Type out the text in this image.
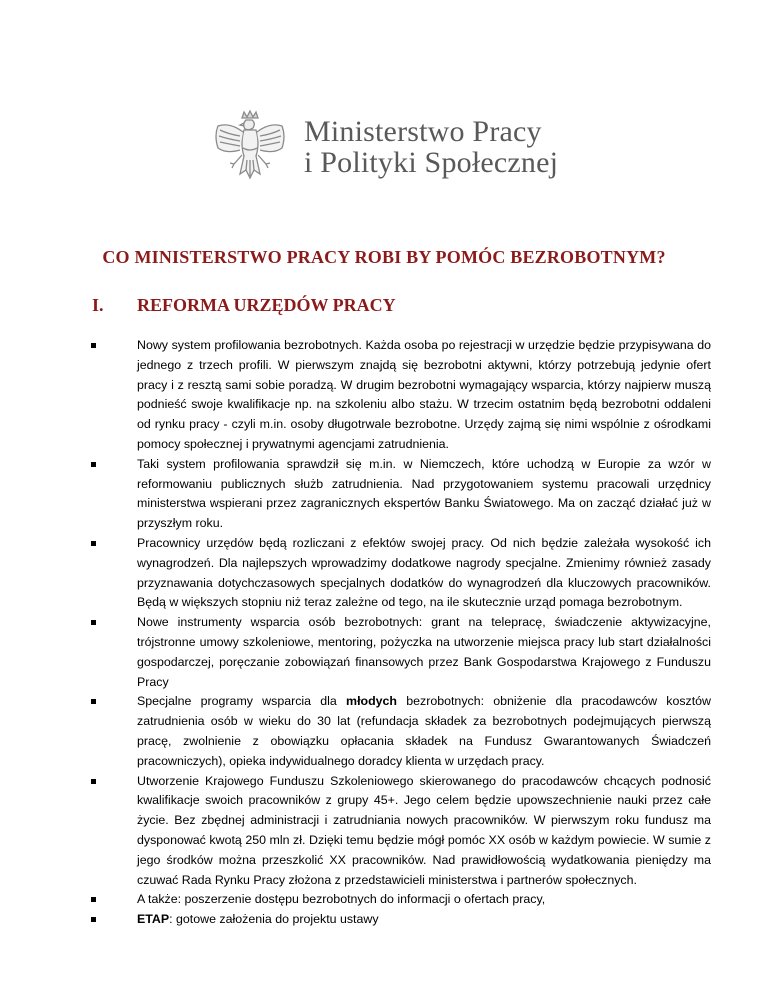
Ministerstwo Pracy
i Polityki Społecznej
CO MINISTERSTWO PRACY ROBI BY POMÓC BEZROBOTNYM?
I. REFORMA URZĘDÓW PRACY
Nowy system profilowania bezrobotnych. Każda osoba po rejestracji w urzędzie będzie przypisywana do jednego z trzech profili. W pierwszym znajdą się bezrobotni aktywni, którzy potrzebują jedynie ofert pracy i z resztą sami sobie poradzą. W drugim bezrobotni wymagający wsparcia, którzy najpierw muszą podnieść swoje kwalifikacje np. na szkoleniu albo stażu. W trzecim ostatnim będą bezrobotni oddaleni od rynku pracy - czyli m.in. osoby długotrwale bezrobotne. Urzędy zajmą się nimi wspólnie z ośrodkami pomocy społecznej i prywatnymi agencjami zatrudnienia.
Taki system profilowania sprawdził się m.in. w Niemczech, które uchodzą w Europie za wzór w reformowaniu publicznych służb zatrudnienia. Nad przygotowaniem systemu pracowali urzędnicy ministerstwa wspierani przez zagranicznych ekspertów Banku Światowego. Ma on zacząć działać już w przyszłym roku.
Pracownicy urzędów będą rozliczani z efektów swojej pracy. Od nich będzie zależała wysokość ich wynagrodzeń. Dla najlepszych wprowadzimy dodatkowe nagrody specjalne. Zmienimy również zasady przyznawania dotychczasowych specjalnych dodatków do wynagrodzeń dla kluczowych pracowników. Będą w większych stopniu niż teraz zależne od tego, na ile skutecznie urząd pomaga bezrobotnym.
Nowe instrumenty wsparcia osób bezrobotnych: grant na telepracę, świadczenie aktywizacyjne, trójstronne umowy szkoleniowe, mentoring, pożyczka na utworzenie miejsca pracy lub start działalności gospodarczej, poręczanie zobowiązań finansowych przez Bank Gospodarstwa Krajowego z Funduszu Pracy
Specjalne programy wsparcia dla młodych bezrobotnych: obniżenie dla pracodawców kosztów zatrudnienia osób w wieku do 30 lat (refundacja składek za bezrobotnych podejmujących pierwszą pracę, zwolnienie z obowiązku opłacania składek na Fundusz Gwarantowanych Świadczeń pracowniczych), opieka indywidualnego doradcy klienta w urzędach pracy.
Utworzenie Krajowego Funduszu Szkoleniowego skierowanego do pracodawców chcących podnosić kwalifikacje swoich pracowników z grupy 45+. Jego celem będzie upowszechnienie nauki przez całe życie. Bez zbędnej administracji i zatrudniania nowych pracowników. W pierwszym roku fundusz ma dysponować kwotą 250 mln zł. Dzięki temu będzie mógł pomóc XX osób w każdym powiecie. W sumie z jego środków można przeszkolić XX pracowników. Nad prawidłowością wydatkowania pieniędzy ma czuwać Rada Rynku Pracy złożona z przedstawicieli ministerstwa i partnerów społecznych.
A także: poszerzenie dostępu bezrobotnych do informacji o ofertach pracy,
ETAP: gotowe założenia do projektu ustawy
